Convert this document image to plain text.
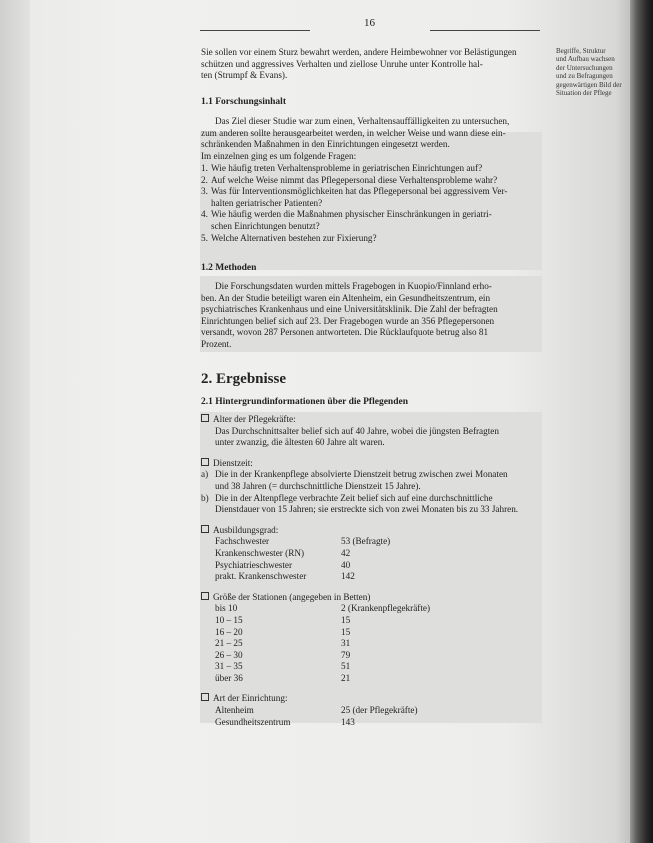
16
Begriffe, Struktur
und Aufbau wachsen
der Untersuchungen
und zu Befragungen
gegenwärtigen Bild der
Situation der Pflege
Sie sollen vor einem Sturz bewahrt werden, andere Heimbewohner vor Belästigungen
schützen und aggressives Verhalten und ziellose Unruhe unter Kontrolle hal-
ten (Strumpf & Evans).
1.1 Forschungsinhalt
Das Ziel dieser Studie war zum einen, Verhaltensauffälligkeiten zu untersuchen,
zum anderen sollte herausgearbeitet werden, in welcher Weise und wann diese ein-
schränkenden Maßnahmen in den Einrichtungen eingesetzt werden.
Im einzelnen ging es um folgende Fragen:
1. Wie häufig treten Verhaltensprobleme in geriatrischen Einrichtungen auf?
2. Auf welche Weise nimmt das Pflegepersonal diese Verhaltensprobleme wahr?
3. Was für Interventionsmöglichkeiten hat das Pflegepersonal bei aggressivem Ver-
halten geriatrischer Patienten?
4. Wie häufig werden die Maßnahmen physischer Einschränkungen in geriatri-
schen Einrichtungen benutzt?
5. Welche Alternativen bestehen zur Fixierung?
1.2 Methoden
Die Forschungsdaten wurden mittels Fragebogen in Kuopio/Finnland erho-
ben. An der Studie beteiligt waren ein Altenheim, ein Gesundheitszentrum, ein
psychiatrisches Krankenhaus und eine Universitätsklinik. Die Zahl der befragten
Einrichtungen belief sich auf 23. Der Fragebogen wurde an 356 Pflegepersonen
versandt, wovon 287 Personen antworteten. Die Rücklaufquote betrug also 81
Prozent.
2. Ergebnisse
2.1 Hintergrundinformationen über die Pflegenden
Alter der Pflegekräfte:
Das Durchschnittsalter belief sich auf 40 Jahre, wobei die jüngsten Befragten
unter zwanzig, die ältesten 60 Jahre alt waren.
Dienstzeit:
a) Die in der Krankenpflege absolvierte Dienstzeit betrug zwischen zwei Monaten
und 38 Jahren (= durchschnittliche Dienstzeit 15 Jahre).
b) Die in der Altenpflege verbrachte Zeit belief sich auf eine durchschnittliche
Dienstdauer von 15 Jahren; sie erstreckte sich von zwei Monaten bis zu 33 Jahren.
Ausbildungsgrad:
Fachschwester	53 (Befragte)
Krankenschwester (RN)	42
Psychiatrieschwester	40
prakt. Krankenschwester	142
Größe der Stationen (angegeben in Betten)
bis 10	2 (Krankenpflegekräfte)
10 – 15	15
16 – 20	15
21 – 25	31
26 – 30	79
31 – 35	51
über 36	21
Art der Einrichtung:
Altenheim	25 (der Pflegekräfte)
Gesundheitszentrum	143
